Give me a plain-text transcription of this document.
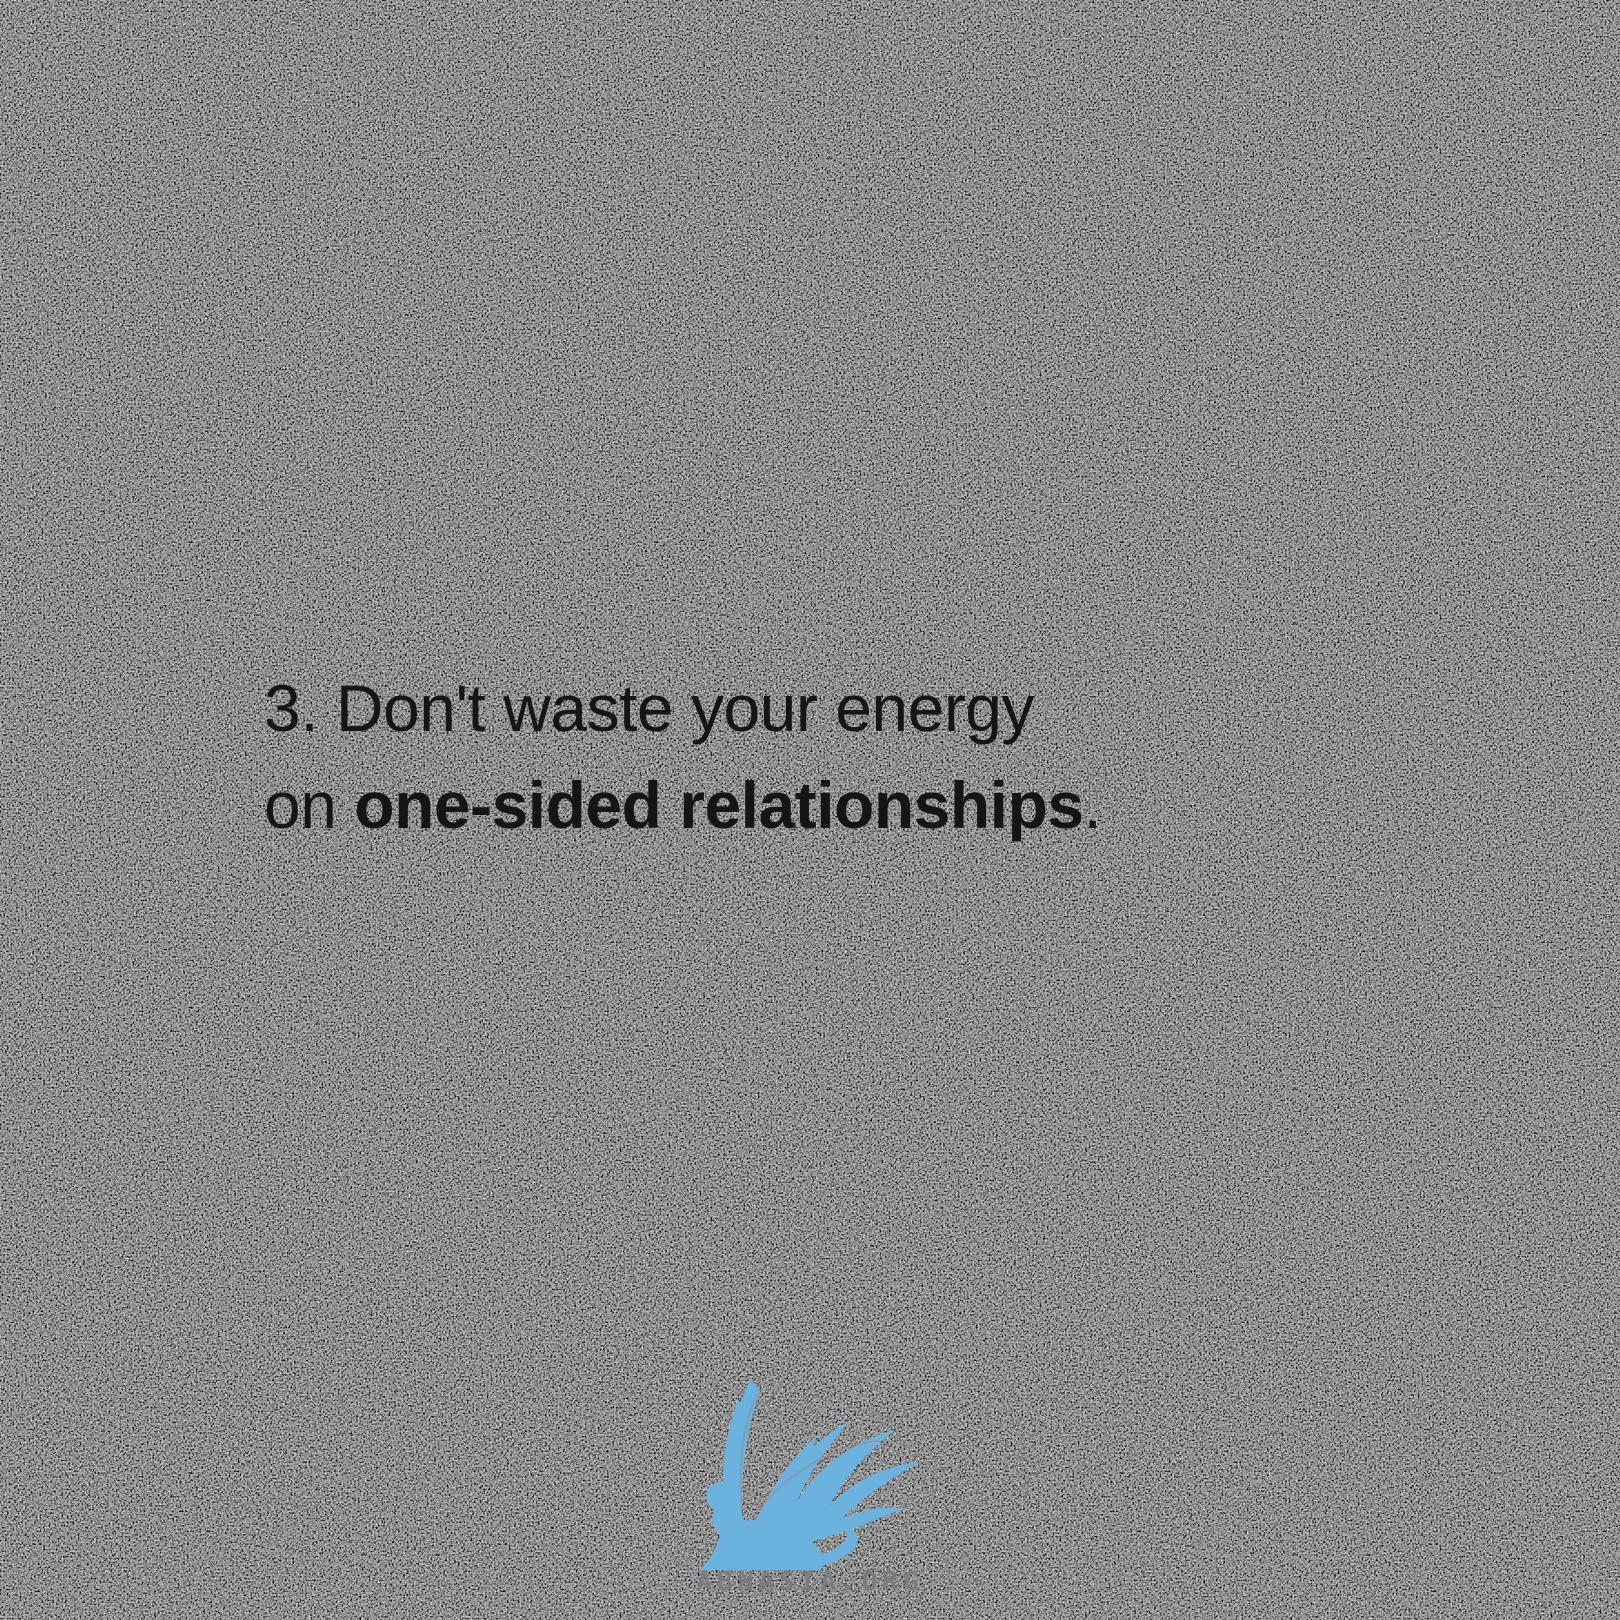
3. Don't waste your energy
on one-sided relationships.
ABNASIA.ORG
